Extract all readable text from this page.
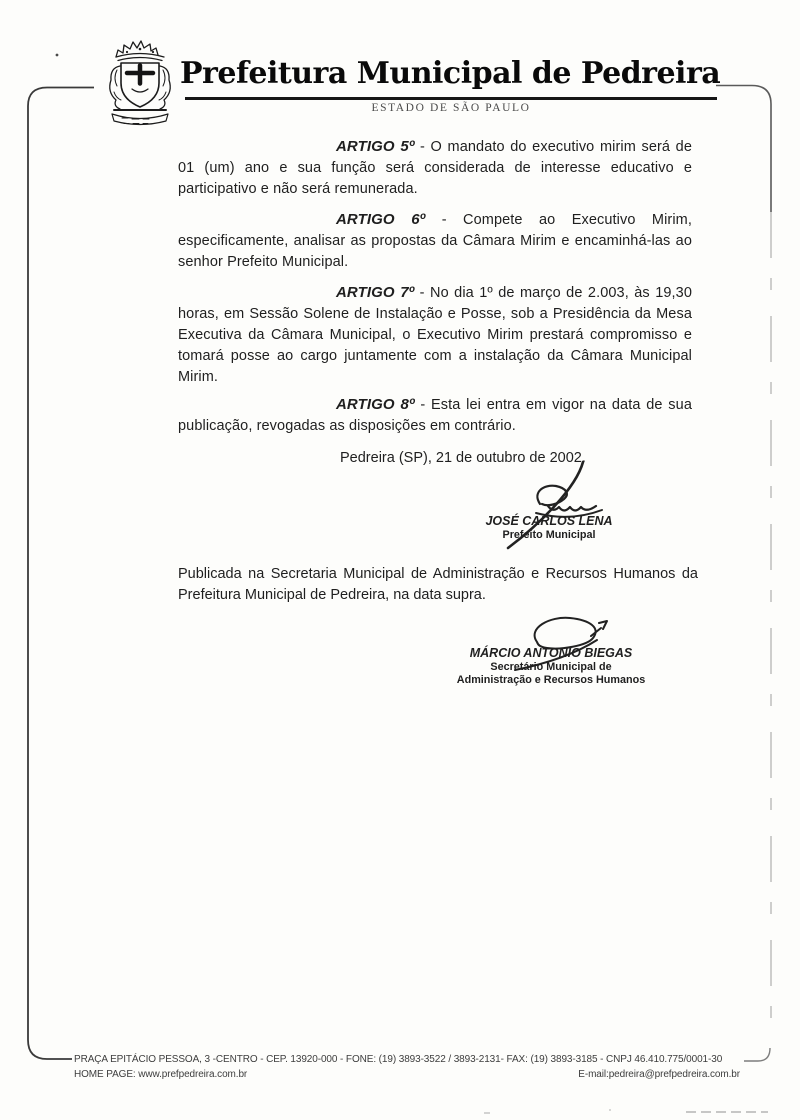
Prefeitura Municipal de Pedreira
ESTADO DE SÃO PAULO

ARTIGO 5º - O mandato do executivo mirim será de 01 (um) ano e sua função será considerada de interesse educativo e participativo e não será remunerada.

ARTIGO 6º - Compete ao Executivo Mirim, especificamente, analisar as propostas da Câmara Mirim e encaminhá-las ao senhor Prefeito Municipal.

ARTIGO 7º - No dia 1º de março de 2.003, às 19,30 horas, em Sessão Solene de Instalação e Posse, sob a Presidência da Mesa Executiva da Câmara Municipal, o Executivo Mirim prestará compromisso e tomará posse ao cargo juntamente com a instalação da Câmara Municipal Mirim.

ARTIGO 8º - Esta lei entra em vigor na data de sua publicação, revogadas as disposições em contrário.

Pedreira (SP), 21 de outubro de 2002.
JOSÉ CARLOS LENA
Prefeito Municipal

Publicada na Secretaria Municipal de Administração e Recursos Humanos da Prefeitura Municipal de Pedreira, na data supra.

MÁRCIO ANTONIO BIEGAS
Secretário Municipal de
Administração e Recursos Humanos
PRAÇA EPITÁCIO PESSOA, 3 -CENTRO - CEP. 13920-000 - FONE: (19) 3893-3522 / 3893-2131- FAX: (19) 3893-3185 - CNPJ 46.410.775/0001-30
HOME PAGE: www.prefpedreira.com.br	E-mail:pedreira@prefpedreira.com.br
